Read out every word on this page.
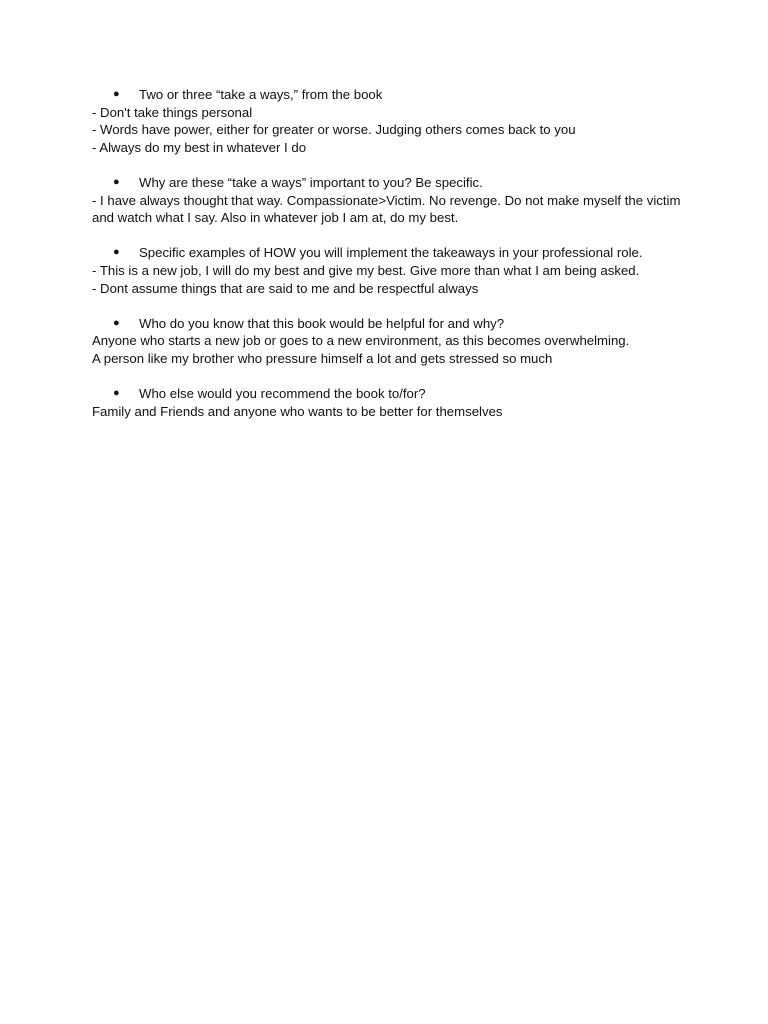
● Two or three “take a ways,” from the book
- Don't take things personal
- Words have power, either for greater or worse. Judging others comes back to you
- Always do my best in whatever I do
● Why are these “take a ways” important to you? Be specific.
- I have always thought that way. Compassionate>Victim. No revenge. Do not make myself the victim and watch what I say. Also in whatever job I am at, do my best.
● Specific examples of HOW you will implement the takeaways in your professional role.
- This is a new job, I will do my best and give my best. Give more than what I am being asked.
- Dont assume things that are said to me and be respectful always
● Who do you know that this book would be helpful for and why?
Anyone who starts a new job or goes to a new environment, as this becomes overwhelming.
A person like my brother who pressure himself a lot and gets stressed so much
● Who else would you recommend the book to/for?
Family and Friends and anyone who wants to be better for themselves
